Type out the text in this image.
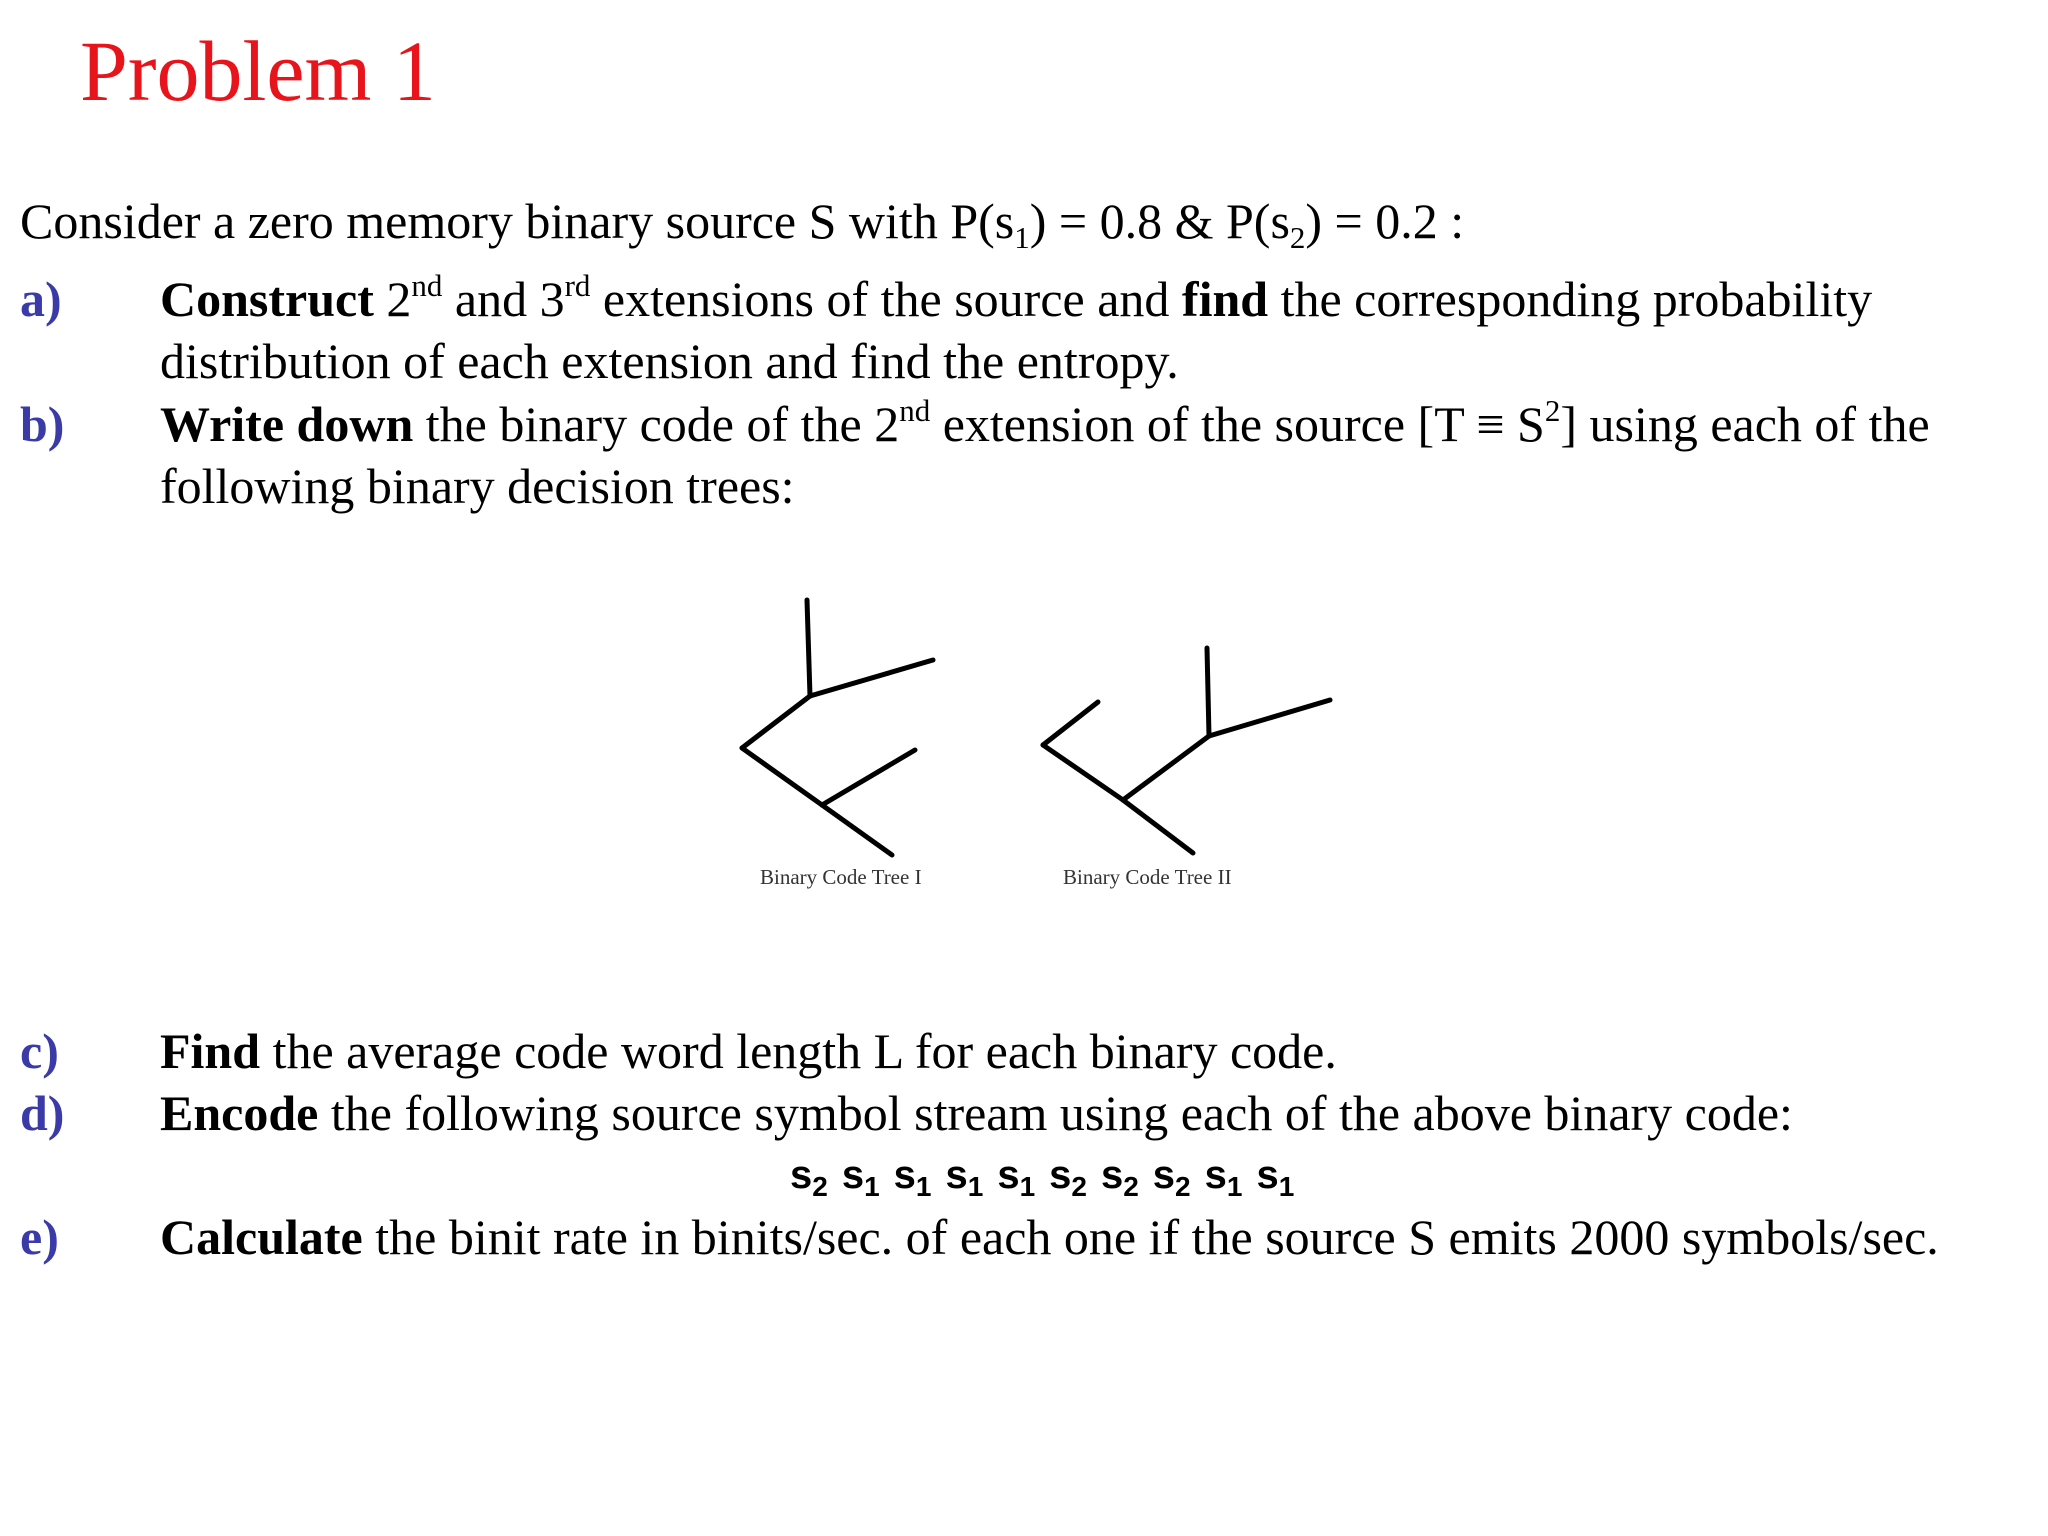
Problem 1
Consider a zero memory binary source S with $P(s_1) = 0.8$ & $P(s_2) = 0.2$ :
a) Construct 2nd and 3rd extensions of the source and find the corresponding probability
distribution of each extension and find the entropy.
b) Write down the binary code of the 2nd extension of the source $[T \equiv S^2]$ using each of the
following binary decision trees:
Binary Code Tree I	Binary Code Tree II
c) Find the average code word length L for each binary code.
d) Encode the following source symbol stream using each of the above binary code:
$s_2$ $s_1$ $s_1$ $s_1$ $s_1$ $s_2$ $s_2$ $s_2$ $s_1$ $s_1$
e) Calculate the binit rate in binits/sec. of each one if the source S emits 2000 symbols/sec.
